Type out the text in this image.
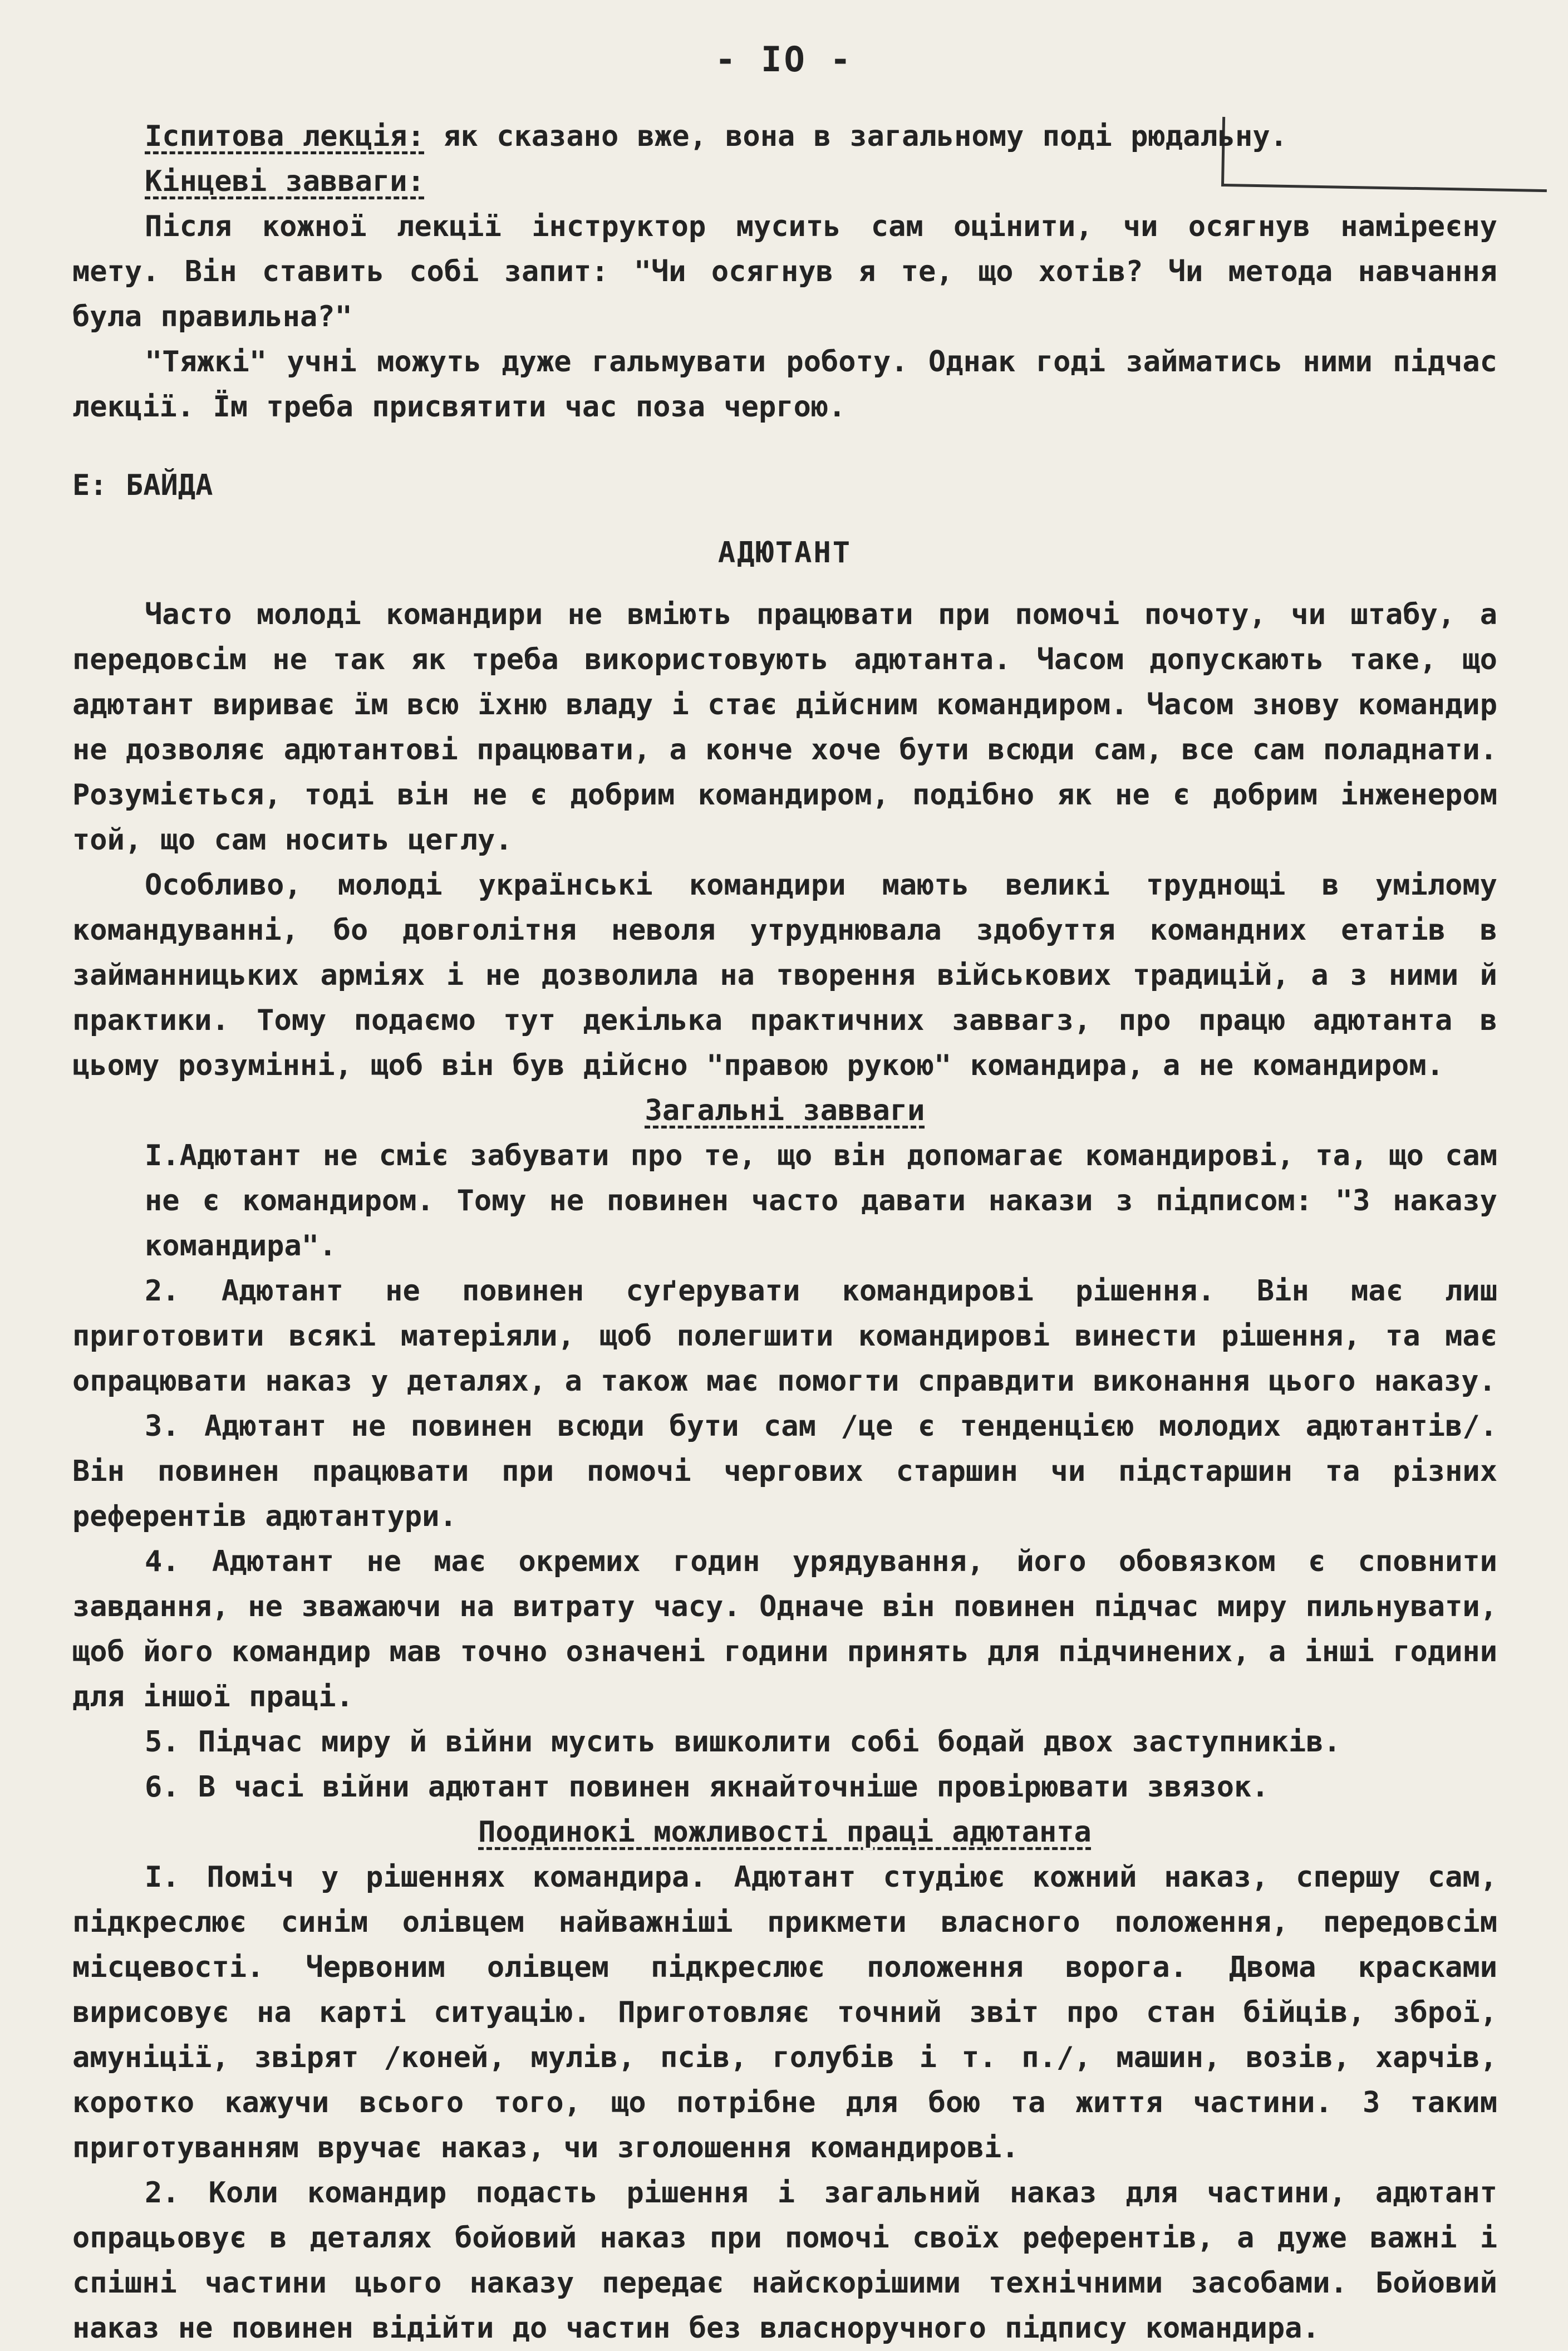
- IO -

Іспитова лекція: як сказано вже, вона в загальному поді рюдальну.

Кінцеві завваги:

Після кожної лекції інструктор мусить сам оцінити, чи осягнув наміреєну мету. Він ставить собі запит: "Чи осягнув я те, що хотів? Чи метода навчання була правильна?"

"Тяжкі" учні можуть дуже гальмувати роботу. Однак годі займатись ними підчас лекції. Їм треба присвятити час поза чергою.

Е: БАЙДА

АДЮТАНТ

Часто молоді командири не вміють працювати при помочі почоту, чи штабу, а передовсім не так як треба використовують адютанта. Часом допускають таке, що адютант вириває їм всю їхню владу і стає дійсним командиром. Часом знову командир не дозволяє адютантові працювати, а конче хоче бути всюди сам, все сам поладнати. Розуміється, тоді він не є добрим командиром, подібно як не є добрим інженером той, що сам носить цеглу.

Особливо, молоді українські командири мають великі труднощі в умілому командуванні, бо довголітня неволя утруднювала здобуття командних етатів в займанницьких арміях і не дозволила на творення військових традицій, а з ними й практики. Тому подаємо тут декілька практичних заввагз, про працю адютанта в цьому розумінні, щоб він був дійсно "правою рукою" командира, а не командиром.

Загальні завваги

I.Адютант не сміє забувати про те, що він допомагає командирові, та, що сам не є командиром. Тому не повинен часто давати накази з підписом: "З наказу командира".

2. Адютант не повинен суґерувати командирові рішення. Він має лиш приготовити всякі матеріяли, щоб полегшити командирові винести рішення, та має опрацювати наказ у деталях, а також має помогти справдити виконання цього наказу.

3. Адютант не повинен всюди бути сам /це є тенденцією молодих адютантів/. Він повинен працювати при помочі чергових старшин чи підстаршин та різних референтів адютантури.

4. Адютант не має окремих годин урядування, його обовязком є сповнити завдання, не зважаючи на витрату часу. Одначе він повинен підчас миру пильнувати, щоб його командир мав точно означені години принять для підчинених, а інші години для іншої праці.

5. Підчас миру й війни мусить вишколити собі бодай двох заступників.

6. В часі війни адютант повинен якнайточніше провірювати звязок.

Поодинокі можливості праці адютанта

I. Поміч у рішеннях командира. Адютант студіює кожний наказ, спершу сам, підкреслює синім олівцем найважніші прикмети власного положення, передовсім місцевості. Червоним олівцем підкреслює положення ворога. Двома красками вирисовує на карті ситуацію. Приготовляє точний звіт про стан бійців, зброї, амуніції, звірят /коней, мулів, псів, голубів і т. п./, машин, возів, харчів, коротко кажучи всього того, що потрібне для бою та життя частини. З таким приготуванням вручає наказ, чи зголошення командирові.

2. Коли командир подасть рішення і загальний наказ для частини, адютант опрацьовує в деталях бойовий наказ при помочі своїх референтів, а дуже важні і спішні частини цього наказу передає найскорішими технічними засобами. Бойовий наказ не повинен відійти до частин без власноручного підпису командира.
